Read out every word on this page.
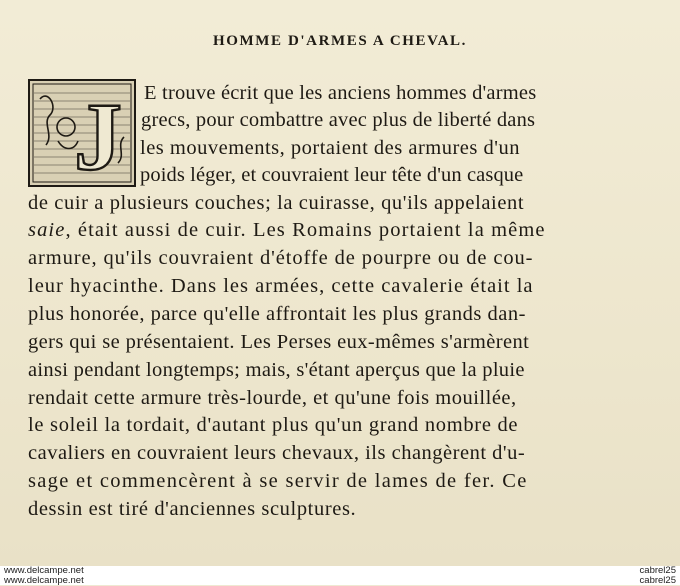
HOMME D'ARMES A CHEVAL.
J E trouve écrit que les anciens hommes d'armes
grecs, pour combattre avec plus de liberté dans
les mouvements, portaient des armures d'un
poids léger, et couvraient leur tête d'un casque
de cuir a plusieurs couches; la cuirasse, qu'ils appelaient
saie, était aussi de cuir. Les Romains portaient la même
armure, qu'ils couvraient d'étoffe de pourpre ou de cou-
leur hyacinthe. Dans les armées, cette cavalerie était la
plus honorée, parce qu'elle affrontait les plus grands dan-
gers qui se présentaient. Les Perses eux-mêmes s'armèrent
ainsi pendant longtemps; mais, s'étant aperçus que la pluie
rendait cette armure très-lourde, et qu'une fois mouillée,
le soleil la tordait, d'autant plus qu'un grand nombre de
cavaliers en couvraient leurs chevaux, ils changèrent d'u-
sage et commencèrent à se servir de lames de fer. Ce
dessin est tiré d'anciennes sculptures.
www.delcampe.net
www.delcampe.net
cabrel25
cabrel25
